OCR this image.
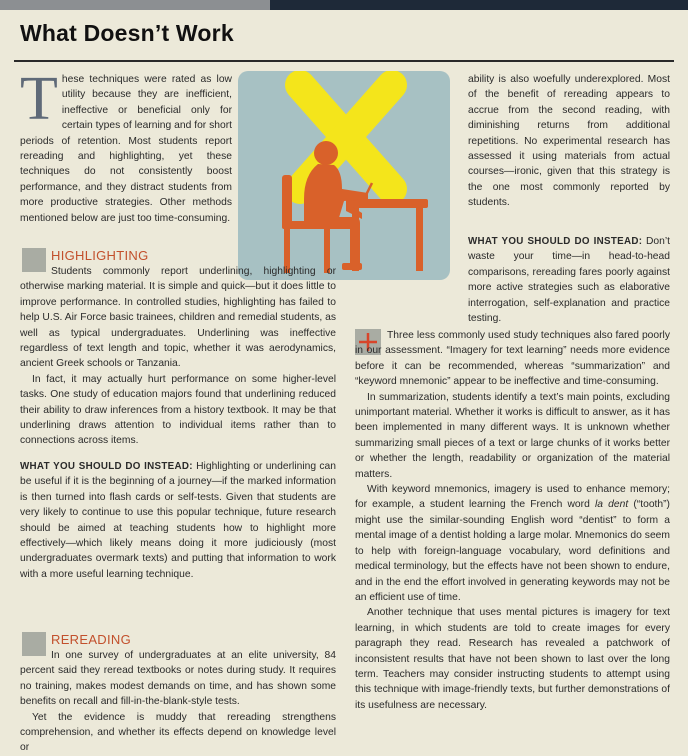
What Doesn’t Work

These techniques were rated as low utility because they are inefficient, ineffective or beneficial only for certain types of learning and for short periods of retention. Most students report rereading and highlighting, yet these techniques do not consistently boost performance, and they distract students from more productive strategies. Other methods mentioned below are just too time-consuming.

HIGHLIGHTING

Students commonly report underlining, highlighting or otherwise marking material. It is simple and quick—but it does little to improve performance. In controlled studies, highlighting has failed to help U.S. Air Force basic trainees, children and remedial students, as well as typical undergraduates. Underlining was ineffective regardless of text length and topic, whether it was aerodynamics, ancient Greek schools or Tanzania.

In fact, it may actually hurt performance on some higher-level tasks. One study of education majors found that underlining reduced their ability to draw inferences from a history textbook. It may be that underlining draws attention to individual items rather than to connections across items.

WHAT YOU SHOULD DO INSTEAD: Highlighting or underlining can be useful if it is the beginning of a journey—if the marked information is then turned into flash cards or self-tests. Given that students are very likely to continue to use this popular technique, future research should be aimed at teaching students how to highlight more effectively—which likely means doing it more judiciously (most undergraduates overmark texts) and putting that information to work with a more useful learning technique.

REREADING

In one survey of undergraduates at an elite university, 84 percent said they reread textbooks or notes during study. It requires no training, makes modest demands on time, and has shown some benefits on recall and fill-in-the-blank-style tests.

Yet the evidence is muddy that rereading strengthens comprehension, and whether its effects depend on knowledge level or

ability is also woefully underexplored. Most of the benefit of rereading appears to accrue from the second reading, with diminishing returns from additional repetitions. No experimental research has assessed it using materials from actual courses—ironic, given that this strategy is the one most commonly reported by students.

WHAT YOU SHOULD DO INSTEAD: Don’t waste your time—in head-to-head comparisons, rereading fares poorly against more active strategies such as elaborative interrogation, self-explanation and practice testing.

Three less commonly used study techniques also fared poorly in our assessment. “Imagery for text learning” needs more evidence before it can be recommended, whereas “summarization” and “keyword mnemonic” appear to be ineffective and time-consuming.

In summarization, students identify a text’s main points, excluding unimportant material. Whether it works is difficult to answer, as it has been implemented in many different ways. It is unknown whether summarizing small pieces of a text or large chunks of it works better or whether the length, readability or organization of the material matters.

With keyword mnemonics, imagery is used to enhance memory; for example, a student learning the French word la dent (“tooth”) might use the similar-sounding English word “dentist” to form a mental image of a dentist holding a large molar. Mnemonics do seem to help with foreign-language vocabulary, word definitions and medical terminology, but the effects have not been shown to endure, and in the end the effort involved in generating keywords may not be an efficient use of time.

Another technique that uses mental pictures is imagery for text learning, in which students are told to create images for every paragraph they read. Research has revealed a patchwork of inconsistent results that have not been shown to last over the long term. Teachers may consider instructing students to attempt using this technique with image-friendly texts, but further demonstrations of its usefulness are necessary.
